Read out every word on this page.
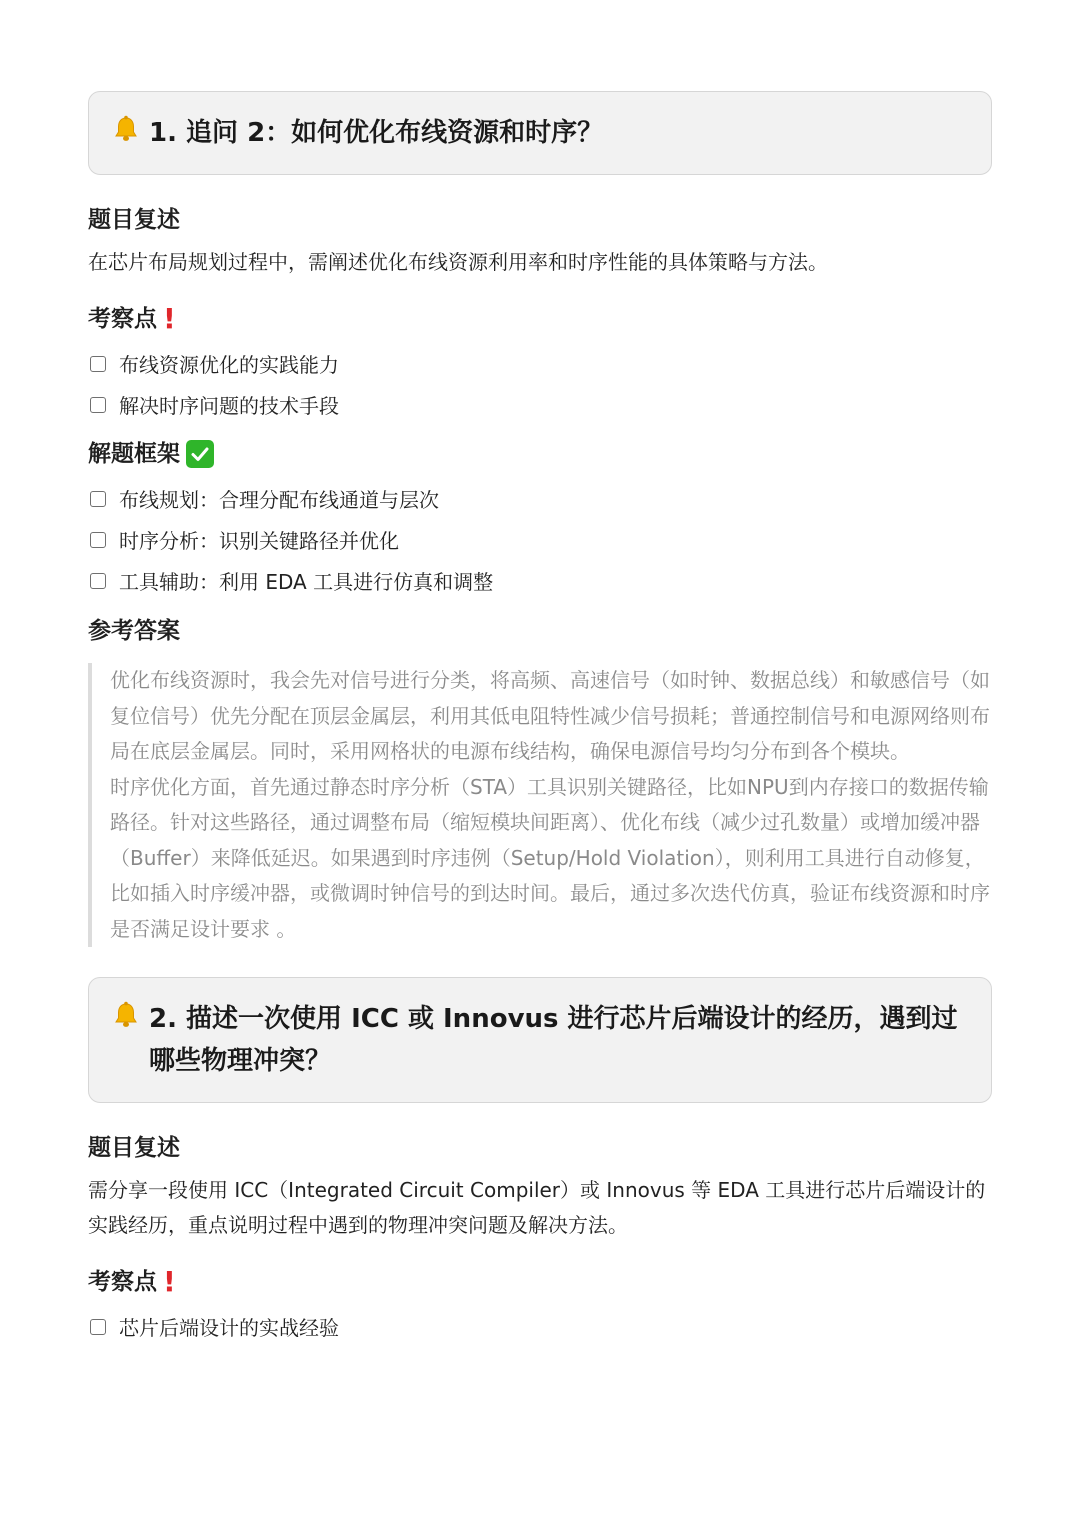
1. 追问 2：如何优化布线资源和时序？
题目复述

在芯片布局规划过程中，需阐述优化布线资源利用率和时序性能的具体策略与方法。

考察点 !
布线资源优化的实践能力
解决时序问题的技术手段
解题框架
布线规划：合理分配布线通道与层次
时序分析：识别关键路径并优化
工具辅助：利用 EDA 工具进行仿真和调整
参考答案
优化布线资源时，我会先对信号进行分类，将高频、高速信号（如时钟、数据总线）和敏感信号（如复位信号）优先分配在顶层金属层，利用其低电阻特性减少信号损耗；普通控制信号和电源网络则布局在底层金属层。同时，采用网格状的电源布线结构，确保电源信号均匀分布到各个模块。
时序优化方面，首先通过静态时序分析（STA）工具识别关键路径，比如NPU到内存接口的数据传输路径。针对这些路径，通过调整布局（缩短模块间距离）、优化布线（减少过孔数量）或增加缓冲器（Buffer）来降低延迟。如果遇到时序违例（Setup/Hold Violation），则利用工具进行自动修复，比如插入时序缓冲器，或微调时钟信号的到达时间。最后，通过多次迭代仿真，验证布线资源和时序是否满足设计要求 。
2. 描述一次使用 ICC 或 Innovus 进行芯片后端设计的经历，遇到过哪些物理冲突？
题目复述

需分享一段使用 ICC（Integrated Circuit Compiler）或 Innovus 等 EDA 工具进行芯片后端设计的实践经历，重点说明过程中遇到的物理冲突问题及解决方法。

考察点 !
芯片后端设计的实战经验
